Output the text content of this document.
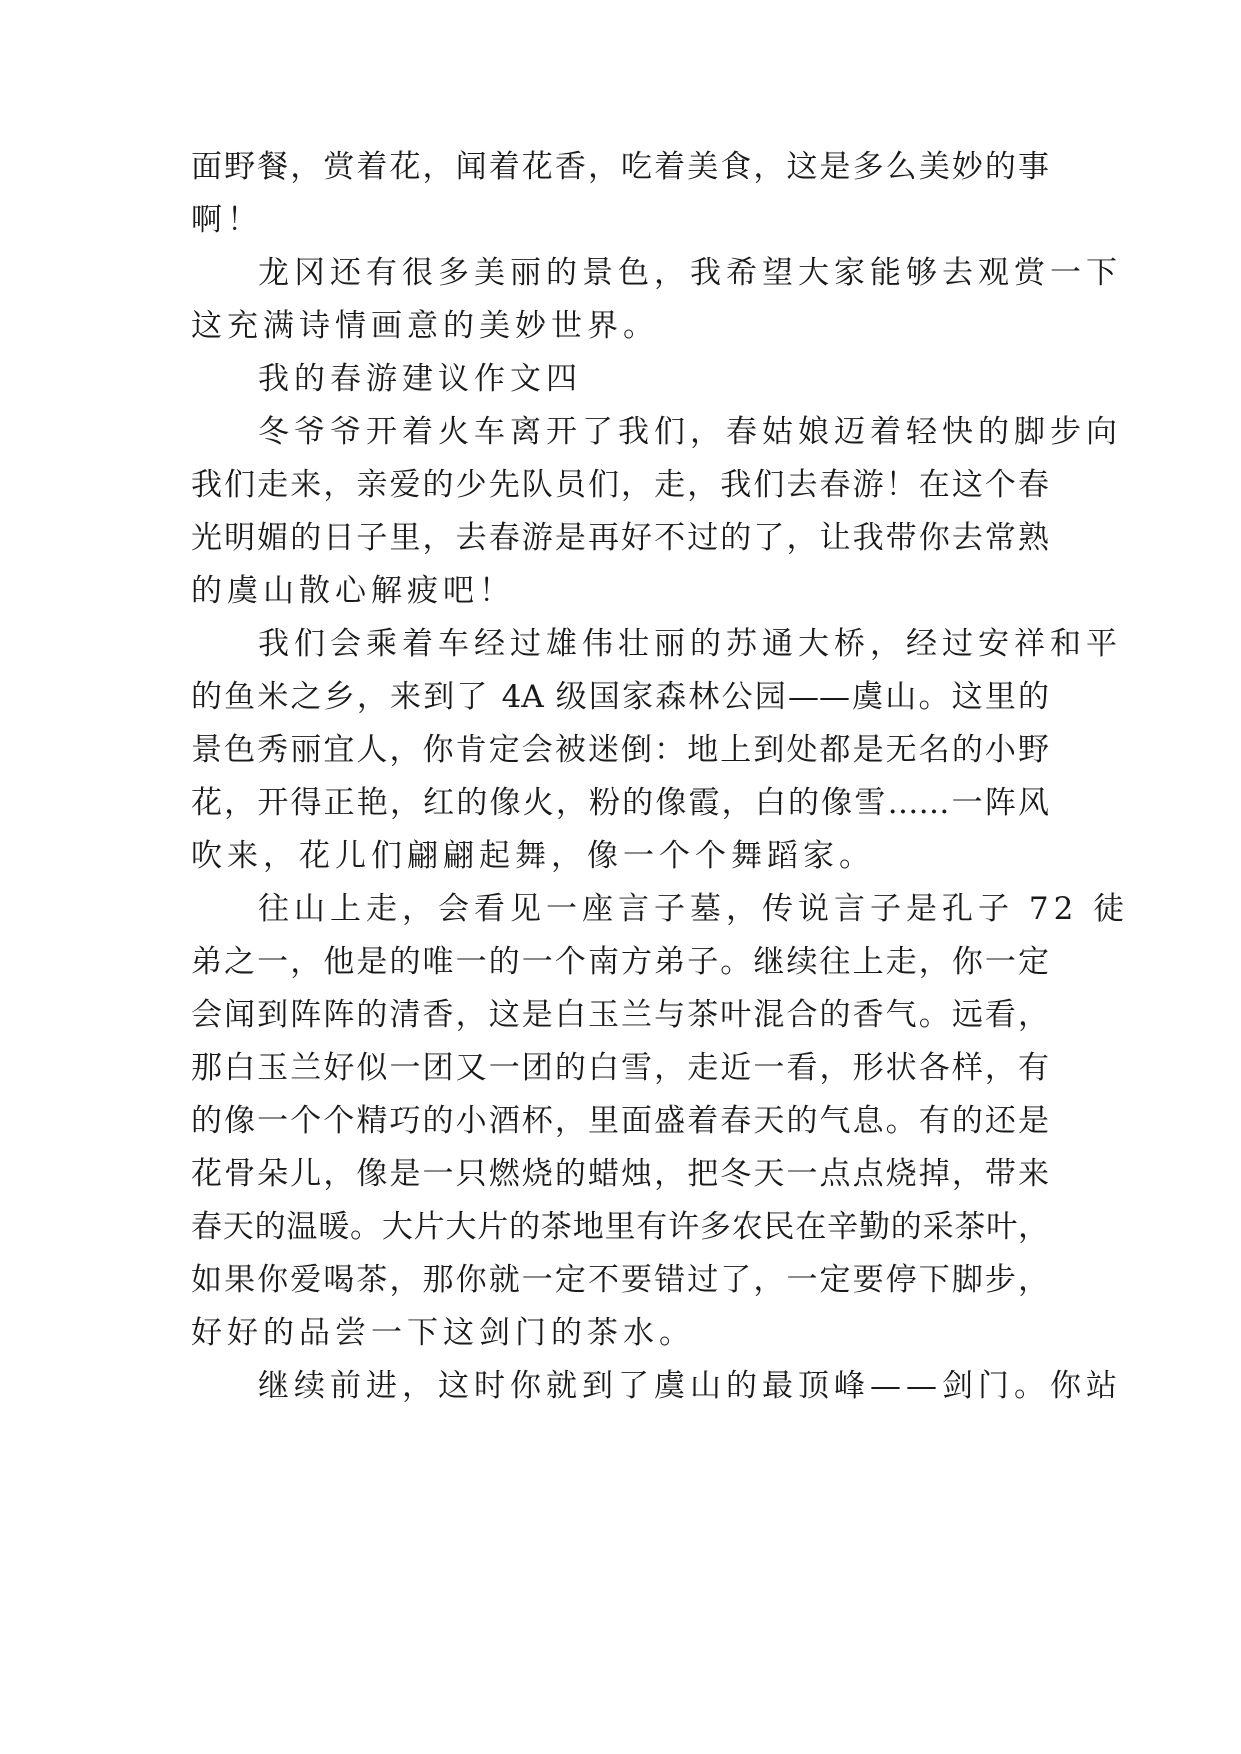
面野餐，赏着花，闻着花香，吃着美食，这是多么美妙的事
啊！
龙冈还有很多美丽的景色，我希望大家能够去观赏一下
这充满诗情画意的美妙世界。
我的春游建议作文四
冬爷爷开着火车离开了我们，春姑娘迈着轻快的脚步向
我们走来，亲爱的少先队员们，走，我们去春游！在这个春
光明媚的日子里，去春游是再好不过的了，让我带你去常熟
的虞山散心解疲吧！
我们会乘着车经过雄伟壮丽的苏通大桥，经过安祥和平
的鱼米之乡，来到了 4A 级国家森林公园——虞山。这里的
景色秀丽宜人，你肯定会被迷倒：地上到处都是无名的小野
花，开得正艳，红的像火，粉的像霞，白的像雪……一阵风
吹来，花儿们翩翩起舞，像一个个舞蹈家。
往山上走，会看见一座言子墓，传说言子是孔子 72 徒
弟之一，他是的唯一的一个南方弟子。继续往上走，你一定
会闻到阵阵的清香，这是白玉兰与茶叶混合的香气。远看，
那白玉兰好似一团又一团的白雪，走近一看，形状各样，有
的像一个个精巧的小酒杯，里面盛着春天的气息。有的还是
花骨朵儿，像是一只燃烧的蜡烛，把冬天一点点烧掉，带来
春天的温暖。大片大片的茶地里有许多农民在辛勤的采茶叶，
如果你爱喝茶，那你就一定不要错过了，一定要停下脚步，
好好的品尝一下这剑门的茶水。
继续前进，这时你就到了虞山的最顶峰——剑门。你站
